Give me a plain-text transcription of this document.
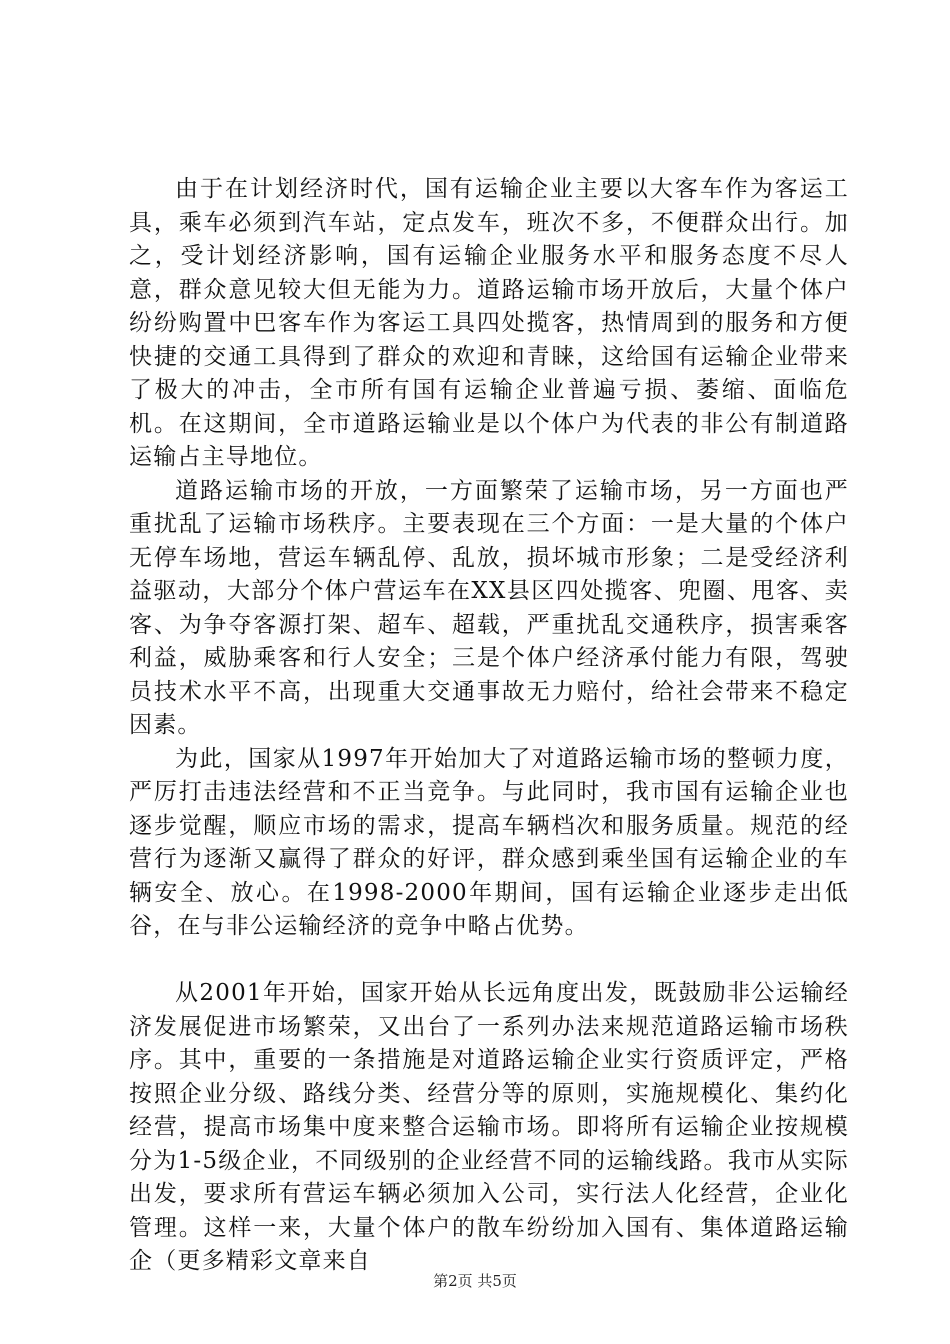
由于在计划经济时代，国有运输企业主要以大客车作为客运工具，乘车必须到汽车站，定点发车，班次不多，不便群众出行。加之，受计划经济影响，国有运输企业服务水平和服务态度不尽人意，群众意见较大但无能为力。道路运输市场开放后，大量个体户纷纷购置中巴客车作为客运工具四处揽客，热情周到的服务和方便快捷的交通工具得到了群众的欢迎和青睐，这给国有运输企业带来了极大的冲击，全市所有国有运输企业普遍亏损、萎缩、面临危机。在这期间，全市道路运输业是以个体户为代表的非公有制道路运输占主导地位。

道路运输市场的开放，一方面繁荣了运输市场，另一方面也严重扰乱了运输市场秩序。主要表现在三个方面：一是大量的个体户无停车场地，营运车辆乱停、乱放，损坏城市形象；二是受经济利益驱动，大部分个体户营运车在XX县区四处揽客、兜圈、甩客、卖客、为争夺客源打架、超车、超载，严重扰乱交通秩序，损害乘客利益，威胁乘客和行人安全；三是个体户经济承付能力有限，驾驶员技术水平不高，出现重大交通事故无力赔付，给社会带来不稳定因素。

为此，国家从1997年开始加大了对道路运输市场的整顿力度，严厉打击违法经营和不正当竞争。与此同时，我市国有运输企业也逐步觉醒，顺应市场的需求，提高车辆档次和服务质量。规范的经营行为逐渐又赢得了群众的好评，群众感到乘坐国有运输企业的车辆安全、放心。在1998-2000年期间，国有运输企业逐步走出低谷，在与非公运输经济的竞争中略占优势。

从2001年开始，国家开始从长远角度出发，既鼓励非公运输经济发展促进市场繁荣，又出台了一系列办法来规范道路运输市场秩序。其中，重要的一条措施是对道路运输企业实行资质评定，严格按照企业分级、路线分类、经营分等的原则，实施规模化、集约化经营，提高市场集中度来整合运输市场。即将所有运输企业按规模分为1-5级企业，不同级别的企业经营不同的运输线路。我市从实际出发，要求所有营运车辆必须加入公司，实行法人化经营，企业化管理。这样一来，大量个体户的散车纷纷加入国有、集体道路运输企（更多精彩文章来自

第2页 共5页
